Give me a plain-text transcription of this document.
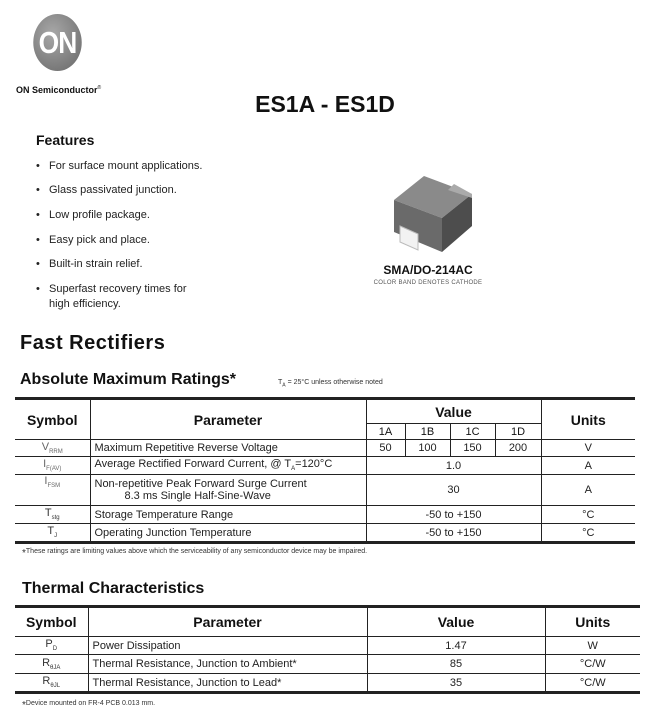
ON
ON Semiconductor®
ES1A - ES1D
Features
• For surface mount applications.
• Glass passivated junction.
• Low profile package.
• Easy pick and place.
• Built-in strain relief.
• Superfast recovery times for
high efficiency.
SMA/DO-214AC
COLOR BAND DENOTES CATHODE
Fast Rectifiers
Absolute Maximum Ratings*	$T_A = 25^\circ C$ unless otherwise noted
Symbol	Parameter	Value				Units
		1A	1B	1C	1D	
$V_{RRM}$	Maximum Repetitive Reverse Voltage	50	100	150	200	V
$I_{F(AV)}$	Average Rectified Forward Current, @ $T_A=120^\circ C$	1.0				A
$I_{FSM}$	Non-repetitive Peak Forward Surge Current
8.3 ms Single Half-Sine-Wave	30				A
$T_{stg}$	Storage Temperature Range	-50 to +150				°C
$T_J$	Operating Junction Temperature	-50 to +150				°C
*These ratings are limiting values above which the serviceability of any semiconductor device may be impaired.
Thermal Characteristics
Symbol	Parameter	Value	Units
$P_D$	Power Dissipation	1.47	W
$R_{\theta JA}$	Thermal Resistance, Junction to Ambient*	85	°C/W
$R_{\theta JL}$	Thermal Resistance, Junction to Lead*	35	°C/W
*Device mounted on FR-4 PCB 0.013 mm.
